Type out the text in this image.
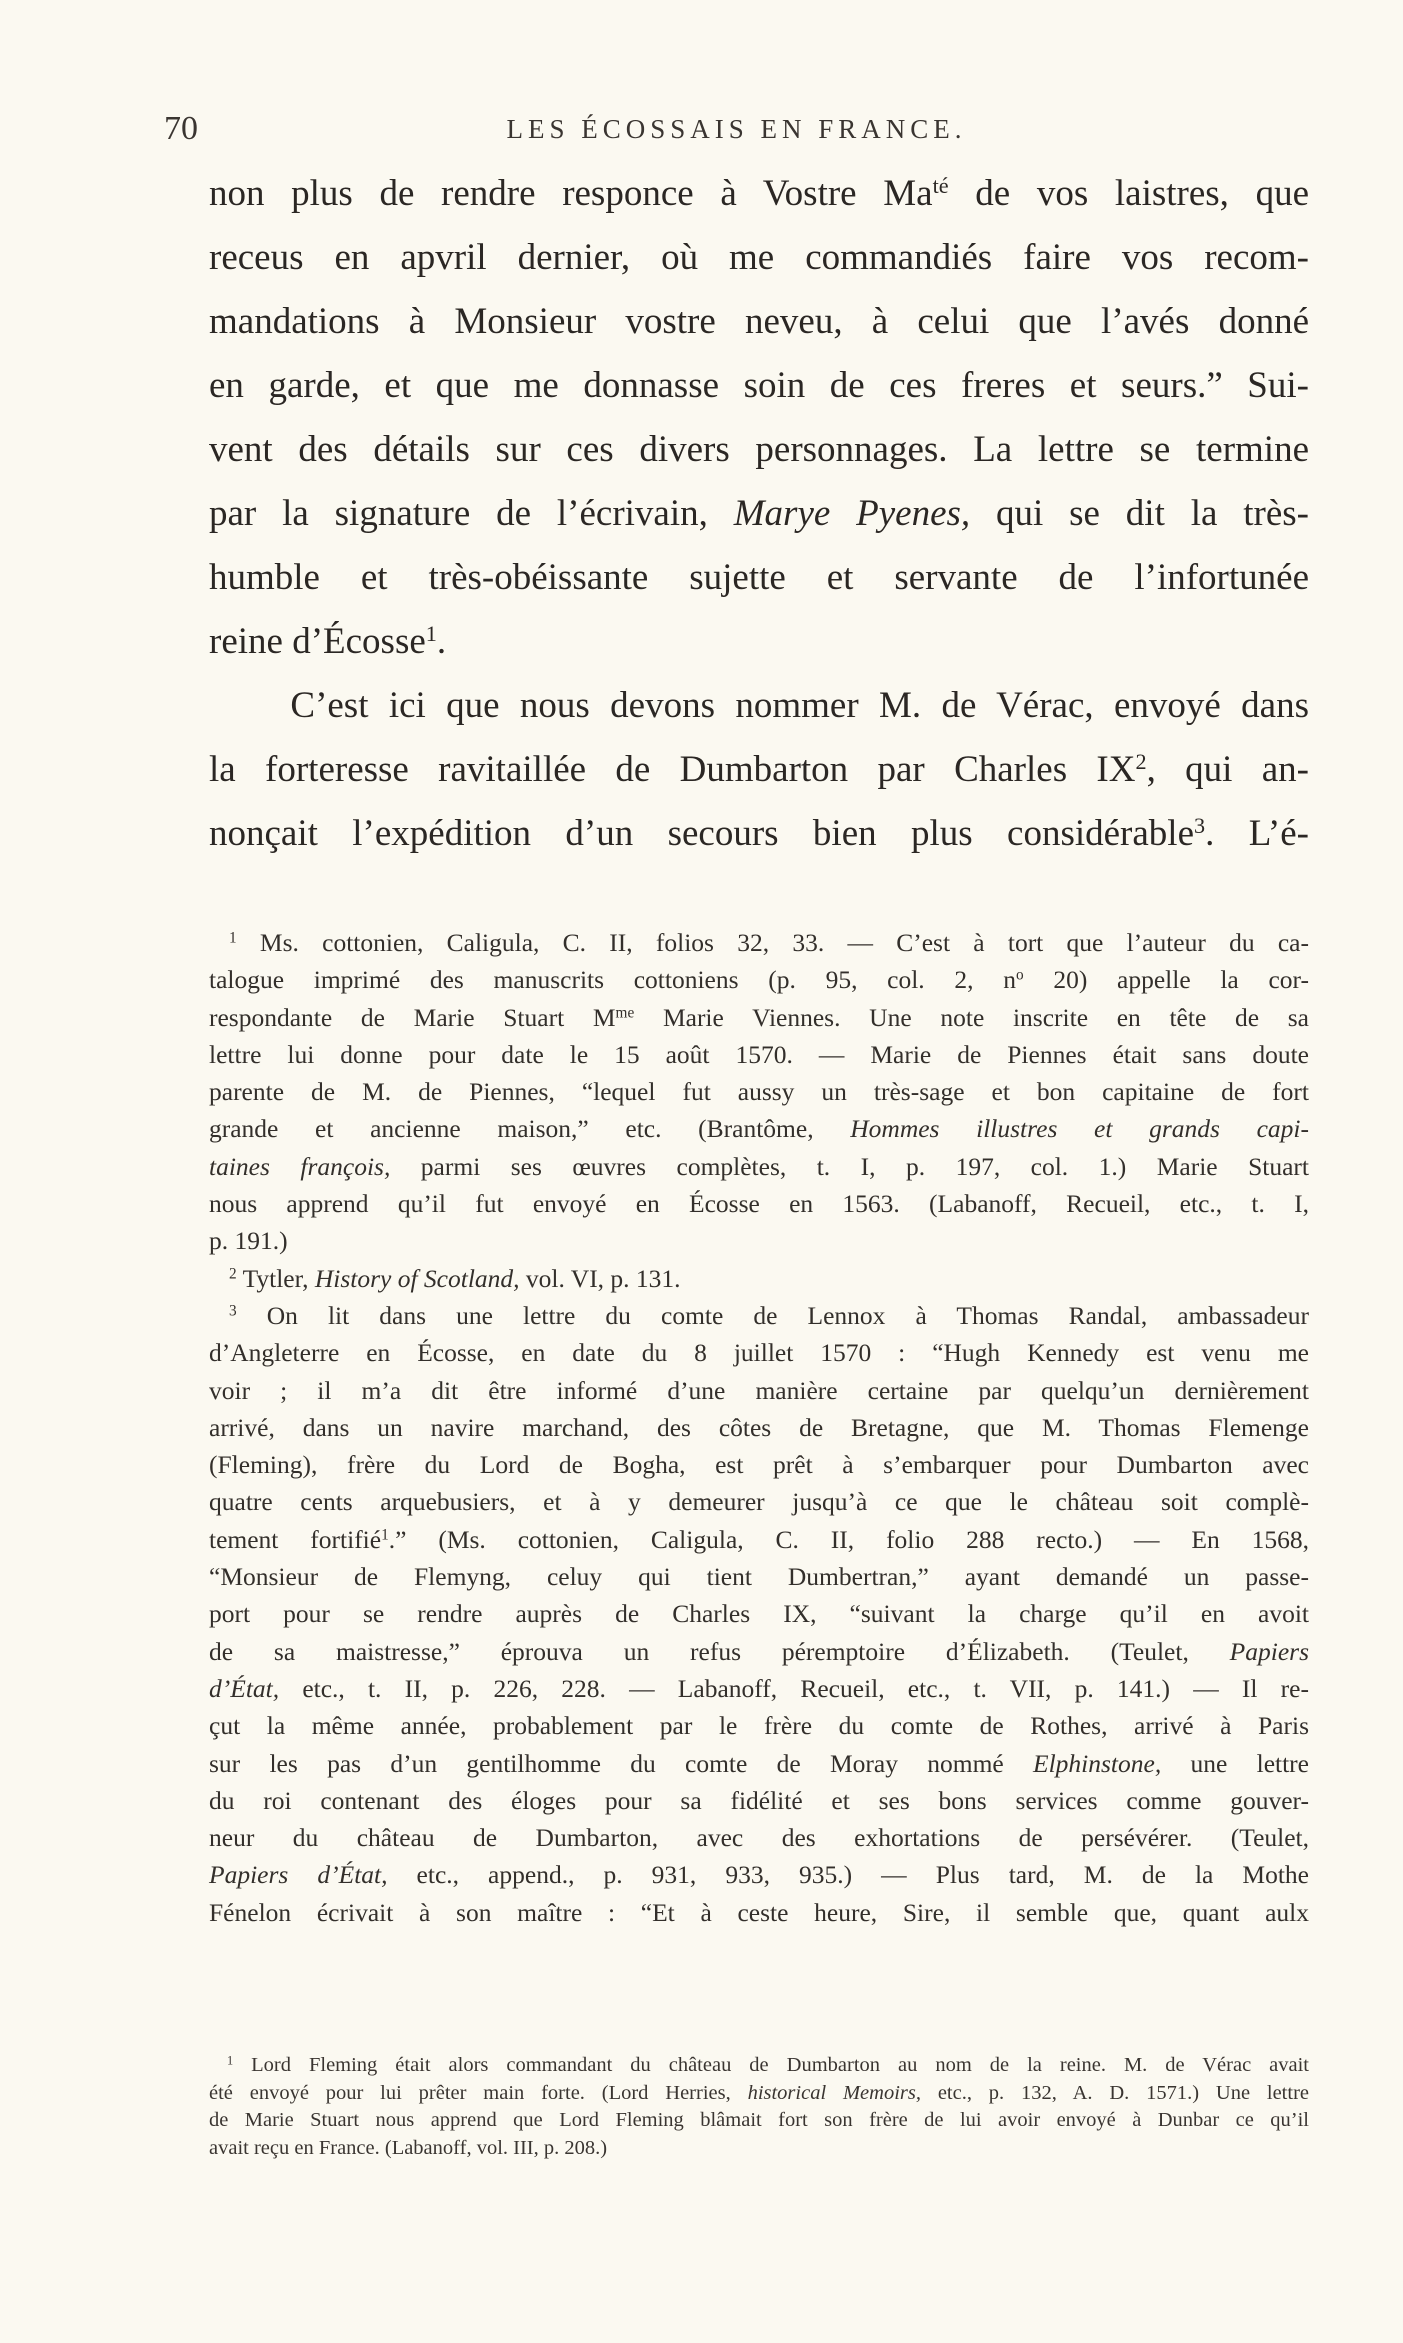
70	LES ÉCOSSAIS EN FRANCE.
non plus de rendre responce à Vostre $Ma^{té}$ de vos laistres, que
receus en apvril dernier, où me commandiés faire vos recom-
mandations à Monsieur vostre neveu, à celui que l’avés donné
en garde, et que me donnasse soin de ces freres et seurs.” Sui-
vent des détails sur ces divers personnages. La lettre se termine
par la signature de l’écrivain, Marye Pyenes, qui se dit la très-
humble et très-obéissante sujette et servante de l’infortunée
reine d’Écosse$^1$.
C’est ici que nous devons nommer M. de Vérac, envoyé dans
la forteresse ravitaillée de Dumbarton par Charles $IX^2$, qui an-
nonçait l’expédition d’un secours bien plus considérable$^3$. L’é-
$^1$ Ms. cottonien, Caligula, C. II, folios 32, 33. — C’est à tort que l’auteur du ca-
talogue imprimé des manuscrits cottoniens (p. 95, col. 2, $n^o$ 20) appelle la cor-
respondante de Marie Stuart $M^{me}$ Marie Viennes. Une note inscrite en tête de sa
lettre lui donne pour date le 15 août 1570. — Marie de Piennes était sans doute
parente de M. de Piennes, “lequel fut aussy un très-sage et bon capitaine de fort
grande et ancienne maison,” etc. (Brantôme, Hommes illustres et grands capi-
taines françois, parmi ses œuvres complètes, t. I, p. 197, col. 1.) Marie Stuart
nous apprend qu’il fut envoyé en Écosse en 1563. (Labanoff, Recueil, etc., t. I,
p. 191.)
$^2$ Tytler, History of Scotland, vol. VI, p. 131.
$^3$ On lit dans une lettre du comte de Lennox à Thomas Randal, ambassadeur
d’Angleterre en Écosse, en date du 8 juillet 1570 : “Hugh Kennedy est venu me
voir ; il m’a dit être informé d’une manière certaine par quelqu’un dernièrement
arrivé, dans un navire marchand, des côtes de Bretagne, que M. Thomas Flemenge
(Fleming), frère du Lord de Bogha, est prêt à s’embarquer pour Dumbarton avec
quatre cents arquebusiers, et à y demeurer jusqu’à ce que le château soit complè-
tement fortifié$^1$.” (Ms. cottonien, Caligula, C. II, folio 288 recto.) — En 1568,
“Monsieur de Flemyng, celuy qui tient Dumbertran,” ayant demandé un passe-
port pour se rendre auprès de Charles IX, “suivant la charge qu’il en avoit
de sa maistresse,” éprouva un refus péremptoire d’Élizabeth. (Teulet, Papiers
d’État, etc., t. II, p. 226, 228. — Labanoff, Recueil, etc., t. VII, p. 141.) — Il re-
çut la même année, probablement par le frère du comte de Rothes, arrivé à Paris
sur les pas d’un gentilhomme du comte de Moray nommé Elphinstone, une lettre
du roi contenant des éloges pour sa fidélité et ses bons services comme gouver-
neur du château de Dumbarton, avec des exhortations de persévérer. (Teulet,
Papiers d’État, etc., append., p. 931, 933, 935.) — Plus tard, M. de la Mothe
Fénelon écrivait à son maître : “Et à ceste heure, Sire, il semble que, quant aulx
$^1$ Lord Fleming était alors commandant du château de Dumbarton au nom de la reine. M. de Vérac avait
été envoyé pour lui prêter main forte. (Lord Herries, historical Memoirs, etc., p. 132, A. D. 1571.) Une lettre
de Marie Stuart nous apprend que Lord Fleming blâmait fort son frère de lui avoir envoyé à Dunbar ce qu’il
avait reçu en France. (Labanoff, vol. III, p. 208.)
